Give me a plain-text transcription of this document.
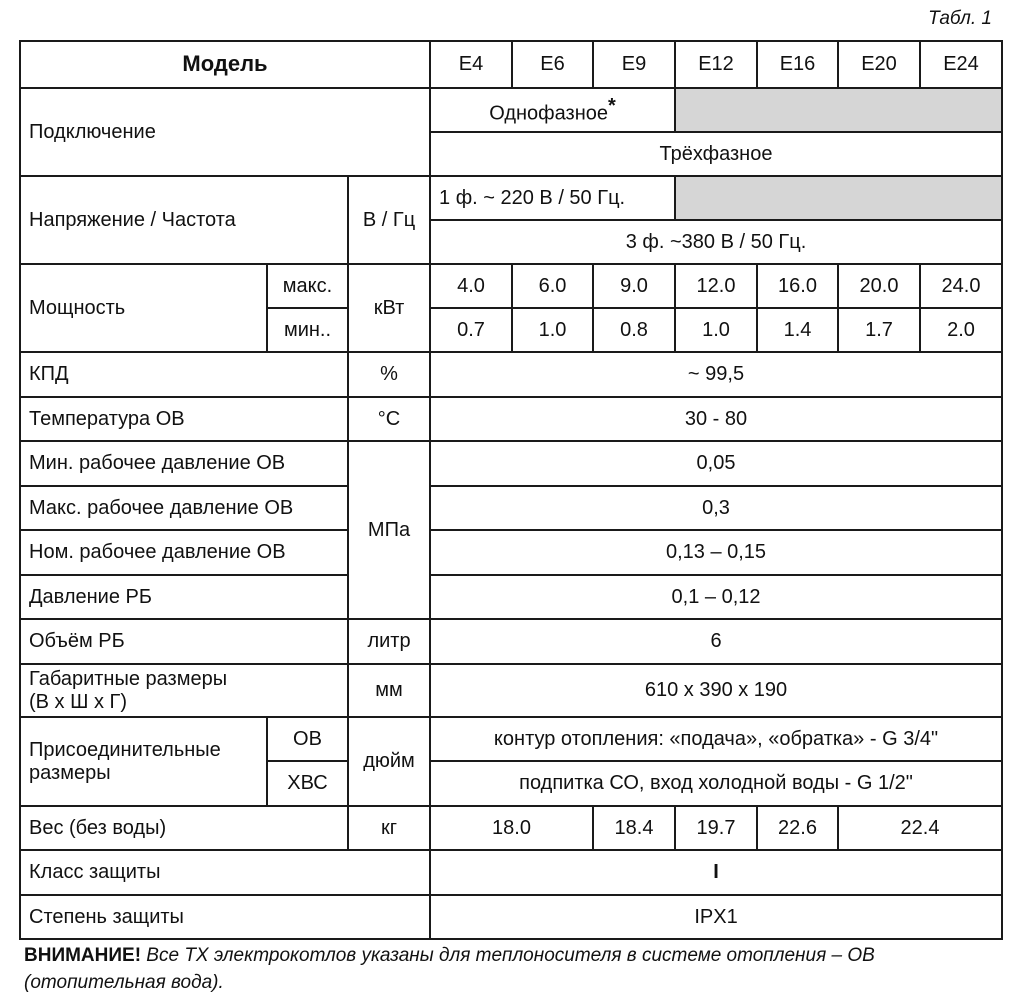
Табл. 1
Модель			E4	E6	E9	E12	E16	E20	E24
Подключение			Однофазное*	
			Трёхфазное						
Напряжение / Частота		В / Гц	1 ф. ~ 220 В / 50 Гц.						
			3 ф. ~380 В / 50 Гц.						
Мощность	макс.	кВт	4.0	6.0	9.0	12.0	16.0	20.0	24.0
	мин..		0.7	1.0	0.8	1.0	1.4	1.7	2.0
КПД		%	~ 99,5						
Температура ОВ		°С	30 - 80						
Мин. рабочее давление ОВ		МПа	0,05						
Макс. рабочее давление ОВ			0,3						
Ном. рабочее давление ОВ			0,13 – 0,15						
Давление РБ			0,1 – 0,12						
Объём РБ		литр	6						

Габаритные размеры
(В х Ш х Г)		мм	610 х 390 х 190						

Присоединительные
размеры	ОВ	дюйм	контур отопления: «подача», «обратка» - G 3/4"						
	ХВС		подпитка СО, вход холодной воды - G 1/2"						
Вес (без воды)		кг	18.0		18.4	19.7	22.6	22.4	
Класс защиты			I						
Степень защиты			IPX1						
ВНИМАНИЕ! Все ТХ электрокотлов указаны для теплоносителя в системе отопления – ОВ (отопительная вода).
